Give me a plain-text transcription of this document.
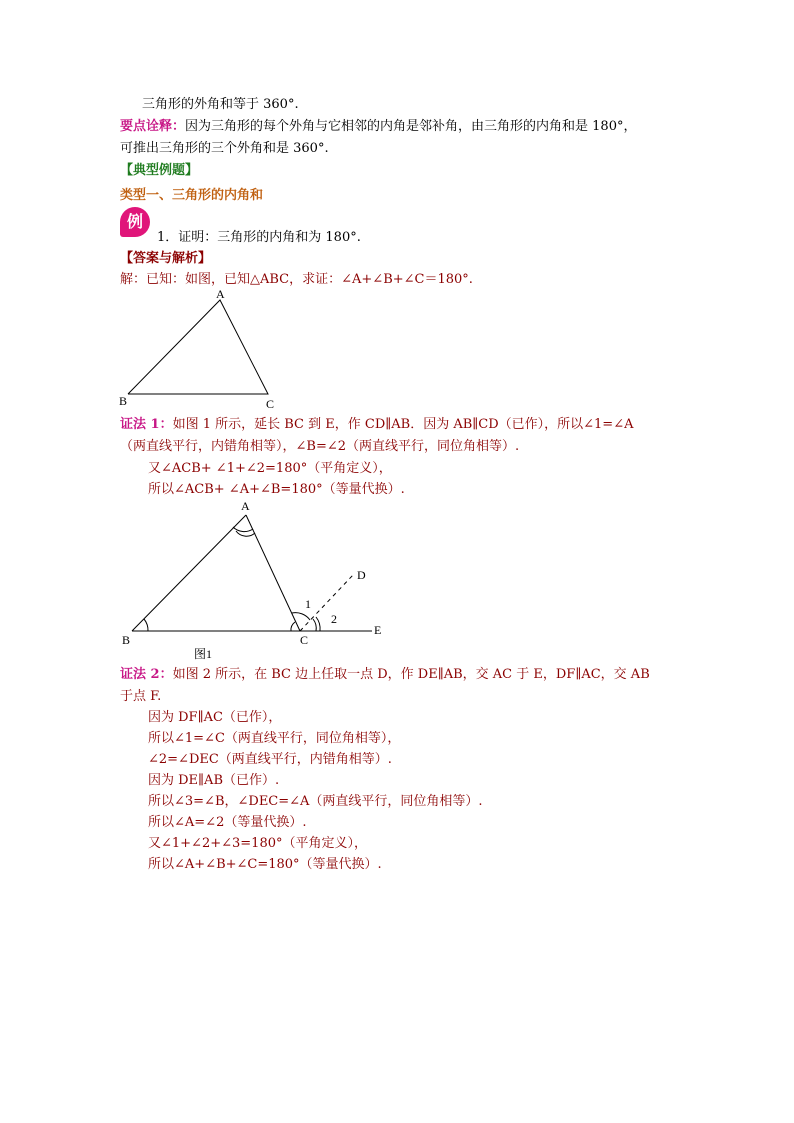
三角形的外角和等于 360°.
要点诠释：因为三角形的每个外角与它相邻的内角是邻补角，由三角形的内角和是 180°，
可推出三角形的三个外角和是 360°.
【典型例题】
类型一、三角形的内角和
例
1．证明：三角形的内角和为 180°.
【答案与解析】
解：已知：如图，已知△ABC，求证：∠A+∠B+∠C＝180°.
A
B	C
证法 1：如图 1 所示，延长 BC 到 E，作 CD∥AB．因为 AB∥CD（已作），所以∠1=∠A
（两直线平行，内错角相等），∠B=∠2（两直线平行，同位角相等）.
又∠ACB+ ∠1+∠2=180°（平角定义），
所以∠ACB+ ∠A+∠B=180°（等量代换）.
A
B	C
D
E
1
2
图1
证法 2：如图 2 所示，在 BC 边上任取一点 D，作 DE∥AB，交 AC 于 E，DF∥AC，交 AB
于点 F.
因为 DF∥AC（已作），
所以∠1=∠C（两直线平行，同位角相等），
∠2=∠DEC（两直线平行，内错角相等）.
因为 DE∥AB（已作）.
所以∠3=∠B，∠DEC=∠A（两直线平行，同位角相等）.
所以∠A=∠2（等量代换）.
又∠1+∠2+∠3=180°（平角定义），
所以∠A+∠B+∠C=180°（等量代换）.
